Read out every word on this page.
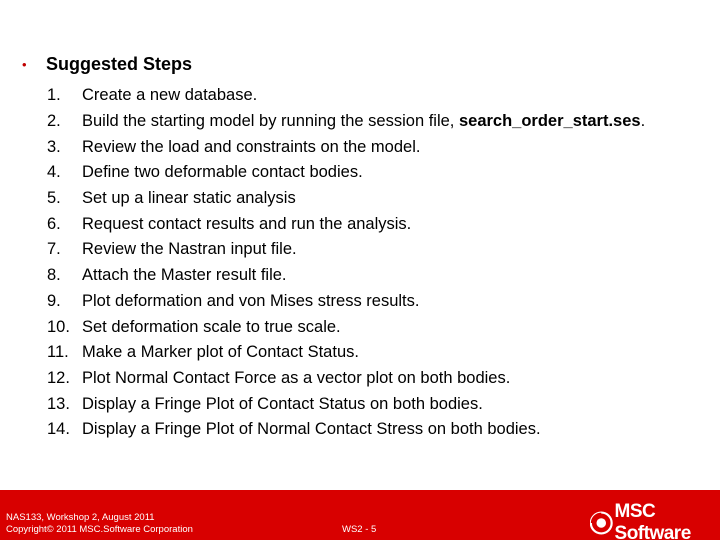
•	Suggested Steps
1.	Create a new database.
2.	Build the starting model by running the session file, search_order_start.ses.
3.	Review the load and constraints on the model.
4.	Define two deformable contact bodies.
5.	Set up a linear static analysis
6.	Request contact results and run the analysis.
7.	Review the Nastran input file.
8.	Attach the Master result file.
9.	Plot deformation and von Mises stress results.
10. Set deformation scale to true scale.
11. Make a Marker plot of Contact Status.
12. Plot Normal Contact Force as a vector plot on both bodies.
13. Display a Fringe Plot of Contact Status on both bodies.
14. Display a Fringe Plot of Normal Contact Stress on both bodies.
NAS133, Workshop 2, August 2011
Copyright© 2011 MSC.Software Corporation	WS2 - 5
MSC Software
